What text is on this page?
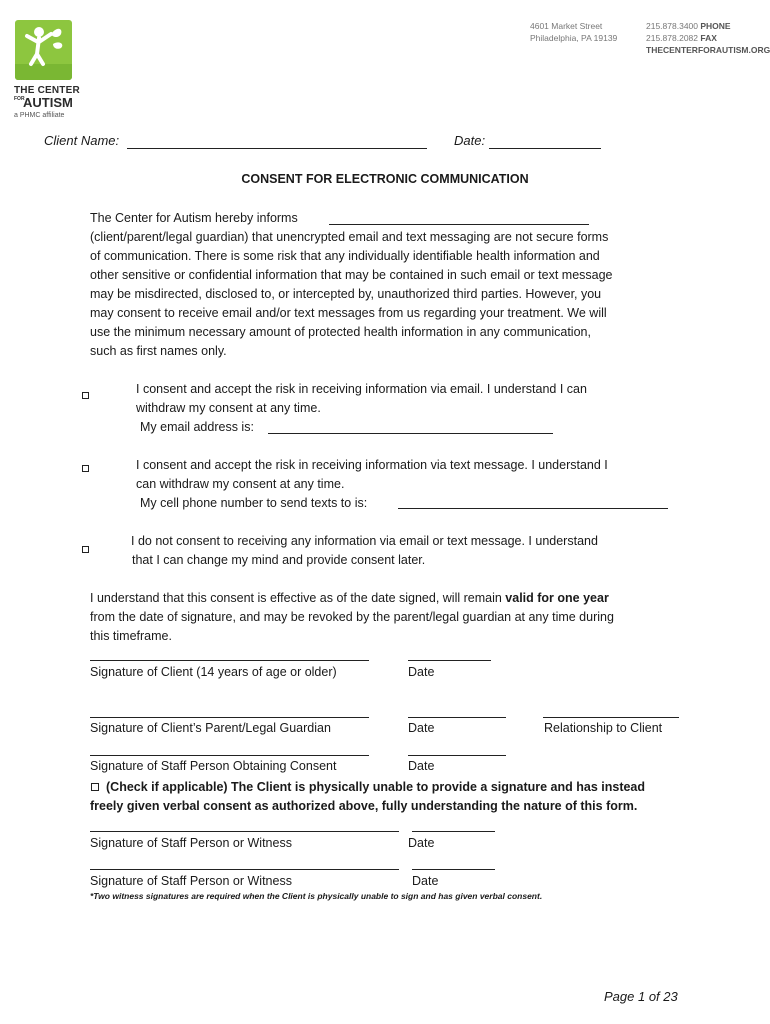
THE CENTER
FOR
AUTISM
a PHMC affiliate
4601 Market Street
Philadelphia, PA 19139
215.878.3400 PHONE
215.878.2082 FAX
THECENTERFORAUTISM.ORG
Client Name:	Date:
CONSENT FOR ELECTRONIC COMMUNICATION
The Center for Autism hereby informs
(client/parent/legal guardian) that unencrypted email and text messaging are not secure forms
of communication. There is some risk that any individually identifiable health information and
other sensitive or confidential information that may be contained in such email or text message
may be misdirected, disclosed to, or intercepted by, unauthorized third parties. However, you
may consent to receive email and/or text messages from us regarding your treatment. We will
use the minimum necessary amount of protected health information in any communication,
such as first names only.
I consent and accept the risk in receiving information via email. I understand I can
withdraw my consent at any time.
My email address is:
I consent and accept the risk in receiving information via text message. I understand I
can withdraw my consent at any time.
My cell phone number to send texts to is:
I do not consent to receiving any information via email or text message. I understand
that I can change my mind and provide consent later.
I understand that this consent is effective as of the date signed, will remain valid for one year
from the date of signature, and may be revoked by the parent/legal guardian at any time during
this timeframe.
Signature of Client (14 years of age or older)	Date
Signature of Client’s Parent/Legal Guardian	Date	Relationship to Client
Signature of Staff Person Obtaining Consent	Date
(Check if applicable) The Client is physically unable to provide a signature and has instead
freely given verbal consent as authorized above, fully understanding the nature of this form.
Signature of Staff Person or Witness	Date
Signature of Staff Person or Witness	Date
*Two witness signatures are required when the Client is physically unable to sign and has given verbal consent.
Page 1 of 23
